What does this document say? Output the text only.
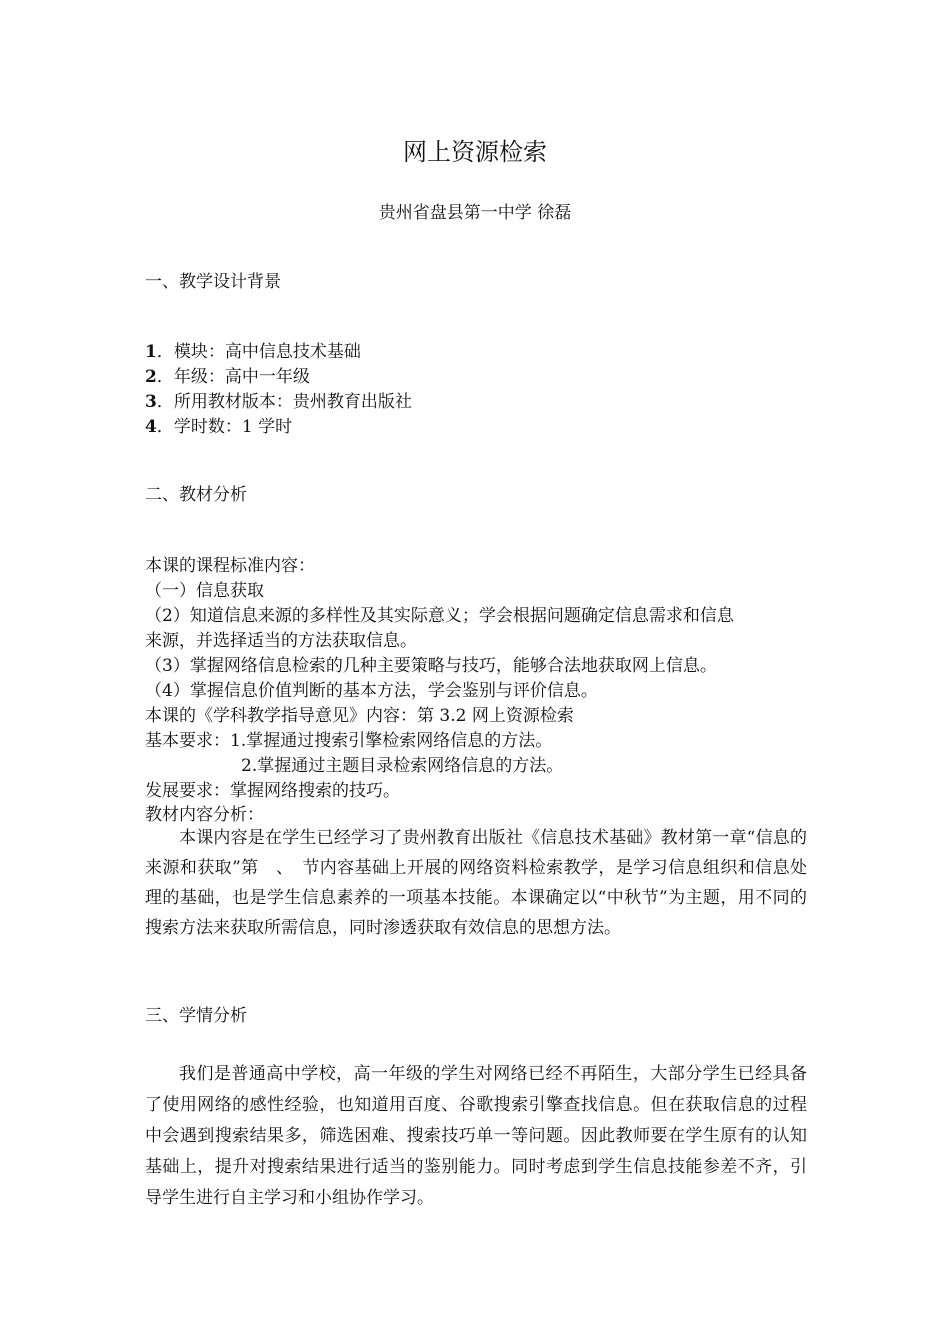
网上资源检索
贵州省盘县第一中学 徐磊
一、教学设计背景
1．模块：高中信息技术基础
2．年级：高中一年级
3．所用教材版本：贵州教育出版社
4．学时数：1 学时
二、教材分析
本课的课程标准内容：
（一）信息获取
（2）知道信息来源的多样性及其实际意义；学会根据问题确定信息需求和信息
来源，并选择适当的方法获取信息。
（3）掌握网络信息检索的几种主要策略与技巧，能够合法地获取网上信息。
（4）掌握信息价值判断的基本方法，学会鉴别与评价信息。
本课的《学科教学指导意见》内容：第 3.2 网上资源检索
基本要求：1.掌握通过搜索引擎检索网络信息的方法。
2.掌握通过主题目录检索网络信息的方法。
发展要求：掌握网络搜索的技巧。
教材内容分析：
本课内容是在学生已经学习了贵州教育出版社《信息技术基础》教材第一章“信息的来源和获取”第　、　节内容基础上开展的网络资料检索教学，是学习信息组织和信息处理的基础，也是学生信息素养的一项基本技能。本课确定以“中秋节”为主题，用不同的搜索方法来获取所需信息，同时渗透获取有效信息的思想方法。
三、学情分析
我们是普通高中学校，高一年级的学生对网络已经不再陌生，大部分学生已经具备了使用网络的感性经验，也知道用百度、谷歌搜索引擎查找信息。但在获取信息的过程中会遇到搜索结果多，筛选困难、搜索技巧单一等问题。因此教师要在学生原有的认知基础上，提升对搜索结果进行适当的鉴别能力。同时考虑到学生信息技能参差不齐，引导学生进行自主学习和小组协作学习。
